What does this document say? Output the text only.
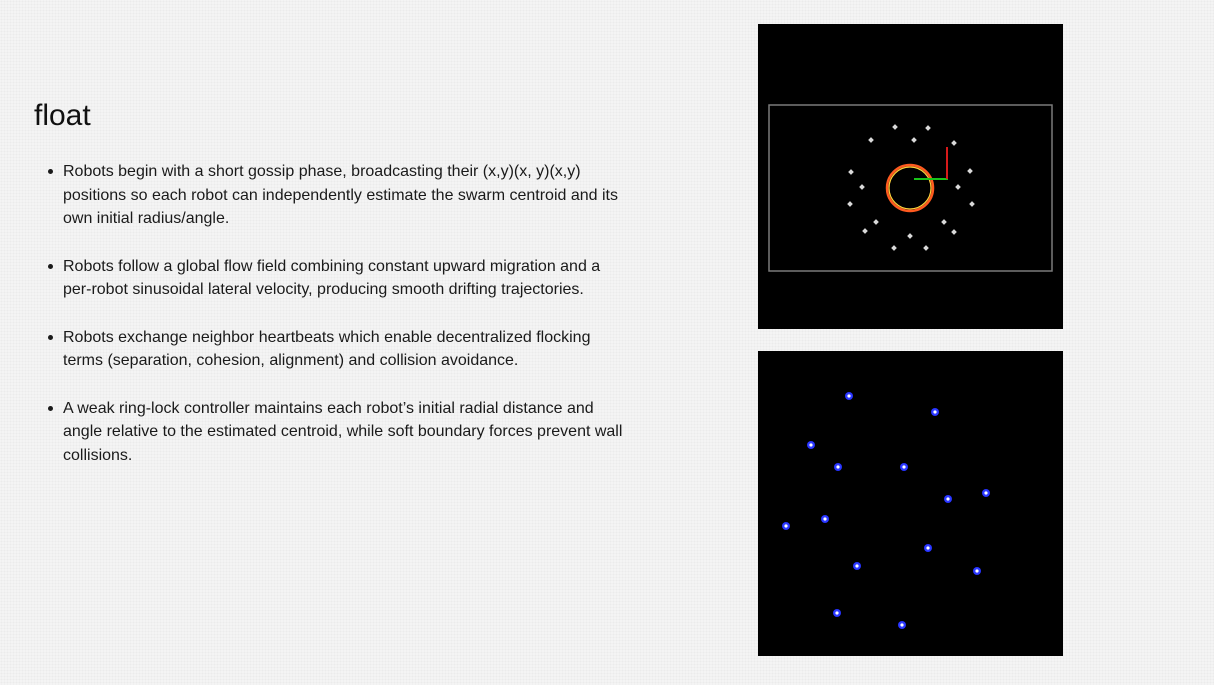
float
Robots begin with a short gossip phase, broadcasting their (x,y)(x, y)(x,y) positions so each robot can independently estimate the swarm centroid and its own initial radius/angle.
Robots follow a global flow field combining constant upward migration and a per-robot sinusoidal lateral velocity, producing smooth drifting trajectories.
Robots exchange neighbor heartbeats which enable decentralized flocking terms (separation, cohesion, alignment) and collision avoidance.
A weak ring-lock controller maintains each robot’s initial radial distance and angle relative to the estimated centroid, while soft boundary forces prevent wall collisions.
